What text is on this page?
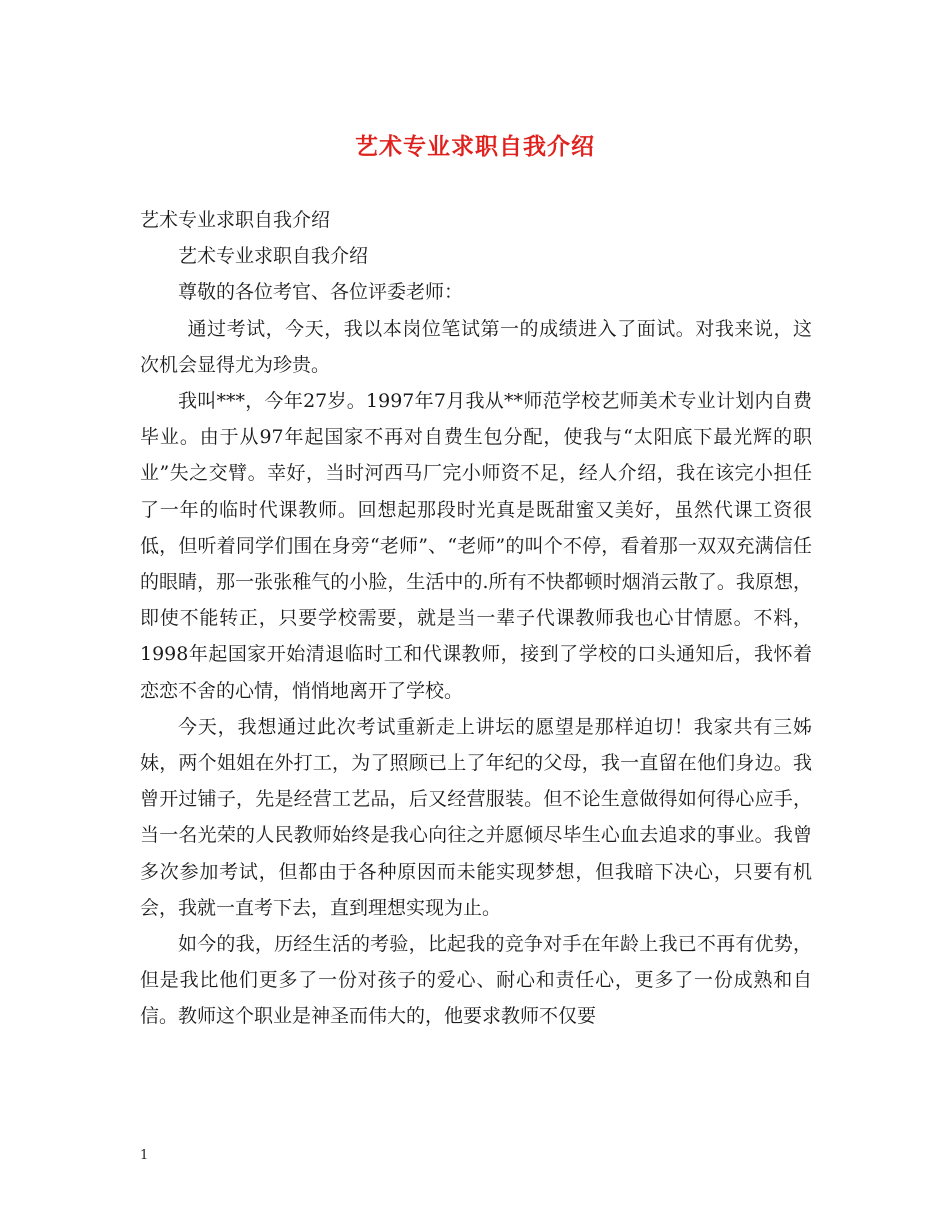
艺术专业求职自我介绍

艺术专业求职自我介绍

艺术专业求职自我介绍

尊敬的各位考官、各位评委老师：

通过考试，今天，我以本岗位笔试第一的成绩进入了面试。对我来说，这次机会显得尤为珍贵。

我叫***，今年27岁。1997年7月我从**师范学校艺师美术专业计划内自费毕业。由于从97年起国家不再对自费生包分配，使我与“太阳底下最光辉的职业”失之交臂。幸好，当时河西马厂完小师资不足，经人介绍，我在该完小担任了一年的临时代课教师。回想起那段时光真是既甜蜜又美好，虽然代课工资很低，但听着同学们围在身旁“老师”、“老师”的叫个不停，看着那一双双充满信任的眼睛，那一张张稚气的小脸，生活中的.所有不快都顿时烟消云散了。我原想，即使不能转正，只要学校需要，就是当一辈子代课教师我也心甘情愿。不料，1998年起国家开始清退临时工和代课教师，接到了学校的口头通知后，我怀着恋恋不舍的心情，悄悄地离开了学校。

今天，我想通过此次考试重新走上讲坛的愿望是那样迫切！我家共有三姊妹，两个姐姐在外打工，为了照顾已上了年纪的父母，我一直留在他们身边。我曾开过铺子，先是经营工艺品，后又经营服装。但不论生意做得如何得心应手，当一名光荣的人民教师始终是我心向往之并愿倾尽毕生心血去追求的事业。我曾多次参加考试，但都由于各种原因而未能实现梦想，但我暗下决心，只要有机会，我就一直考下去，直到理想实现为止。

如今的我，历经生活的考验，比起我的竞争对手在年龄上我已不再有优势，但是我比他们更多了一份对孩子的爱心、耐心和责任心，更多了一份成熟和自信。教师这个职业是神圣而伟大的，他要求教师不仅要

1
